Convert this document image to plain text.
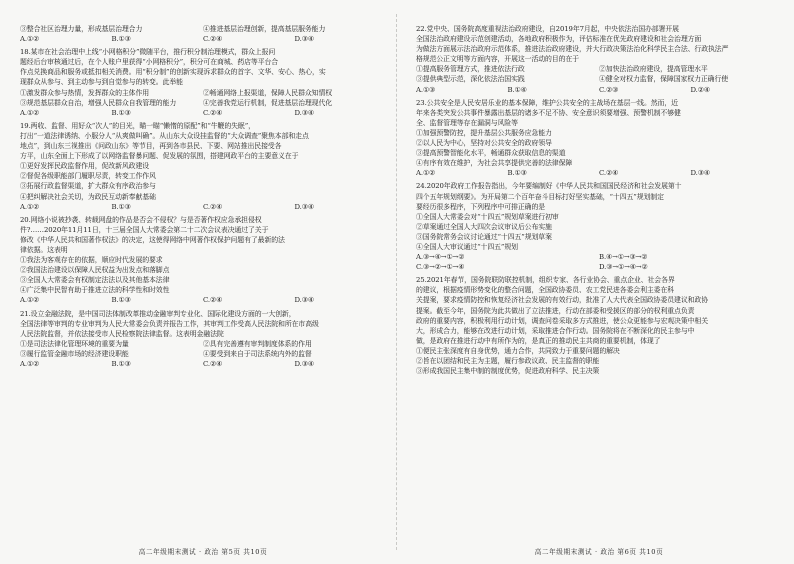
③整合社区治理力量，形成基层治理合力	④推进基层治理创新，提高基层服务能力
A.①②	B.①③	C.②④	D.③④
18.某市在社会治理中上线“小网格积分”微随平台，推行积分制治理模式，群众上报问
题经后台审核通过后，在个人账户里获得“小网格积分”，积分可在商城、药店等平台合
作点兑换商品和服务或抵扣相关消费。用“积分制”的创新实现诉求群众的首字、文华、安心、热心，实
现群众从参与、到主动参与到自觉参与的转变。此举能
①激发群众参与热情，发挥群众的主体作用	②畅通网络上报渠道，保障人民群众知情权
③规范基层群众自治，增强人民群众自我管理的能力	④完善我党运行机制，促进基层治理现代化
A.①②	B.①③	C.②④	D.③④
19.两收、监督、用好众“次人”的目光，瞄一瞄“懒惰的原配”和“牛鞭的失眠”，
打出“一道法律诱纳、小服分人“从爽做叫确”。从山东大众设挂监督的“大众调查”聚焦本部和走点
地点”，到山东三视推出《问政山东》等节目，再到各市县民、下要、网站推出民接受各
方平，山东全面上下形成了以网络监督暴问题、促发展的氛围，搭建网政平台的主要意义在于
①更好发挥民政监督作用，促改新风政建设
②督促各级职能部门履职尽责，转变工作作风
③拓展行政监督渠道，扩大群众有序政治参与
④把纠解决社会关切，为政民互动新奉献基础
A.①②	B.①③	C.②④	D.③④
20.网络小说被抄袭、转载网盘的作品是否会不侵权？与是否著作权应急承担侵权
件?……2020年11月11日，十三届全国人大常委会第二十二次会议表决通过了关于
修改《中华人民共和国著作权法》的决定，这使得网络中网著作权保护问题有了最新的法
律依据。这表明
①我法为客观存在的依据，顺应时代发展的要求
②我国法治建设以保障人民权益为出发点和落脚点
③全国人大常委会有权制定法法以及其他基本法律
④广泛集中民智有助于推进立法的科学性和时效性
A.①②	B.①③	C.②④	D.③④
21.设立金融法院，是中国司法体制改革推动金融审判专业化、国际化建设方面的一大创新，
全国法律等审判的专业审判为人民大常委会负责并报告工作，其审判工作受高人民法院和所在市高级
人民法院监督，并依法接受市人民检察院法律监督。这表明金融法院
①是司法法律化管理环境的重要为量	②具有完善遵有审判制度体系的作用
③履行监管金融市场的经济建设职能	④要受到来自于司法系统内外的监督
A.①②	B.①③	C.②④	D.③④
22.党中央、国务院高度重视法治政府建设，自2019年7月起，中央依法治国办部署开展
全国法治政府建设示范创建活动，各地政府积极作为，评估标准在优先政府建设和社会治理方面
为做法方面展示法治政府示范体系，推进法治政府建设，并大行政决策法治化科学民主合法、行政执法严
格规范公正文明等方面内容，开展这一活动的目的在于
①提高服务管理方式，推进依法行政	②加快法治政府建设，提高管理水平
③提供典型示范，深化依法治国实践	④健全对权力监督，保障国家权力正确行使
A.①③	B.①④	C.②③	D.②④
23.公共安全是人民安居乐业的基本保障，维护公共安全的主战场在基层一线。然而，近
年来各类突发公共事件暴露出基层的诸多不足不协、安全意识须要增强、预警机制不够健
全、监督管理等存在漏洞与风险等
①加强预警防控，提升基层公共服务应急能力
②以人民为中心，坚持对公共安全的政府领导
③提高预警智能化水平，畅通群众获取信息的渠道
④有序有效在维护，为社会共享提供完善的法律保障
A.①②	B.①③	C.②④	D.③④
24.2020年政府工作报告指出，今年要编制好《中华人民共和国国民经济和社会发展第十
四个五年规划纲要》。为开局第二个百年奋斗目标打好坚实基础，“十四五”规划制定
要经历很多程序，下列程序中可排正确的是
①全国人大常委会对“十四五”规划草案进行初审
②草案通过全国人大四次会议审议后公布实施
③国务院常务会议讨论通过“十四五”规划草案
④全国人大审议通过“十四五”规划
A.③→④→①→②	B.④→①→③→②
C.③→②→①→④	D.③→①→④→②
25.2021年春节，国务院联防联控机制，组织专家、各行业协会、重点企业、社会各界
的建议，根据疫情形势变化的整合问题，全国政协委员、农工党民进各委会利主委在科
关提案，要求疫情防控和恢复经济社会发展的有效行动，批准了人大代表全国政协委员建议和政协
提案。截至今年，国务院为此共做出了立法推进，行动在部委和受援区的部分的权利重点负责
政府的重要内容，积极利用行动计划，调查问卷采取多方式推进，使公众更能参与宏观决策中相关
大，形成合力，能够在改进行动计划，采取推进合作行动。国务院将在不断深化的民主参与中
做，是政府在推进行动中有所作为的，是真正的推动民主共商的重要机制，体现了
①便民主张深度有自身优势，通力合作，共同致力于重要问题的解决
②旨在以团结和民主为主题，履行参政议政、民主监督的职能
③形成我国民主集中制的制度优势，促进政府科学、民主决策
高二年级期末测试 · 政治 第5页 共10页	高二年级期末测试 · 政治 第6页 共10页
